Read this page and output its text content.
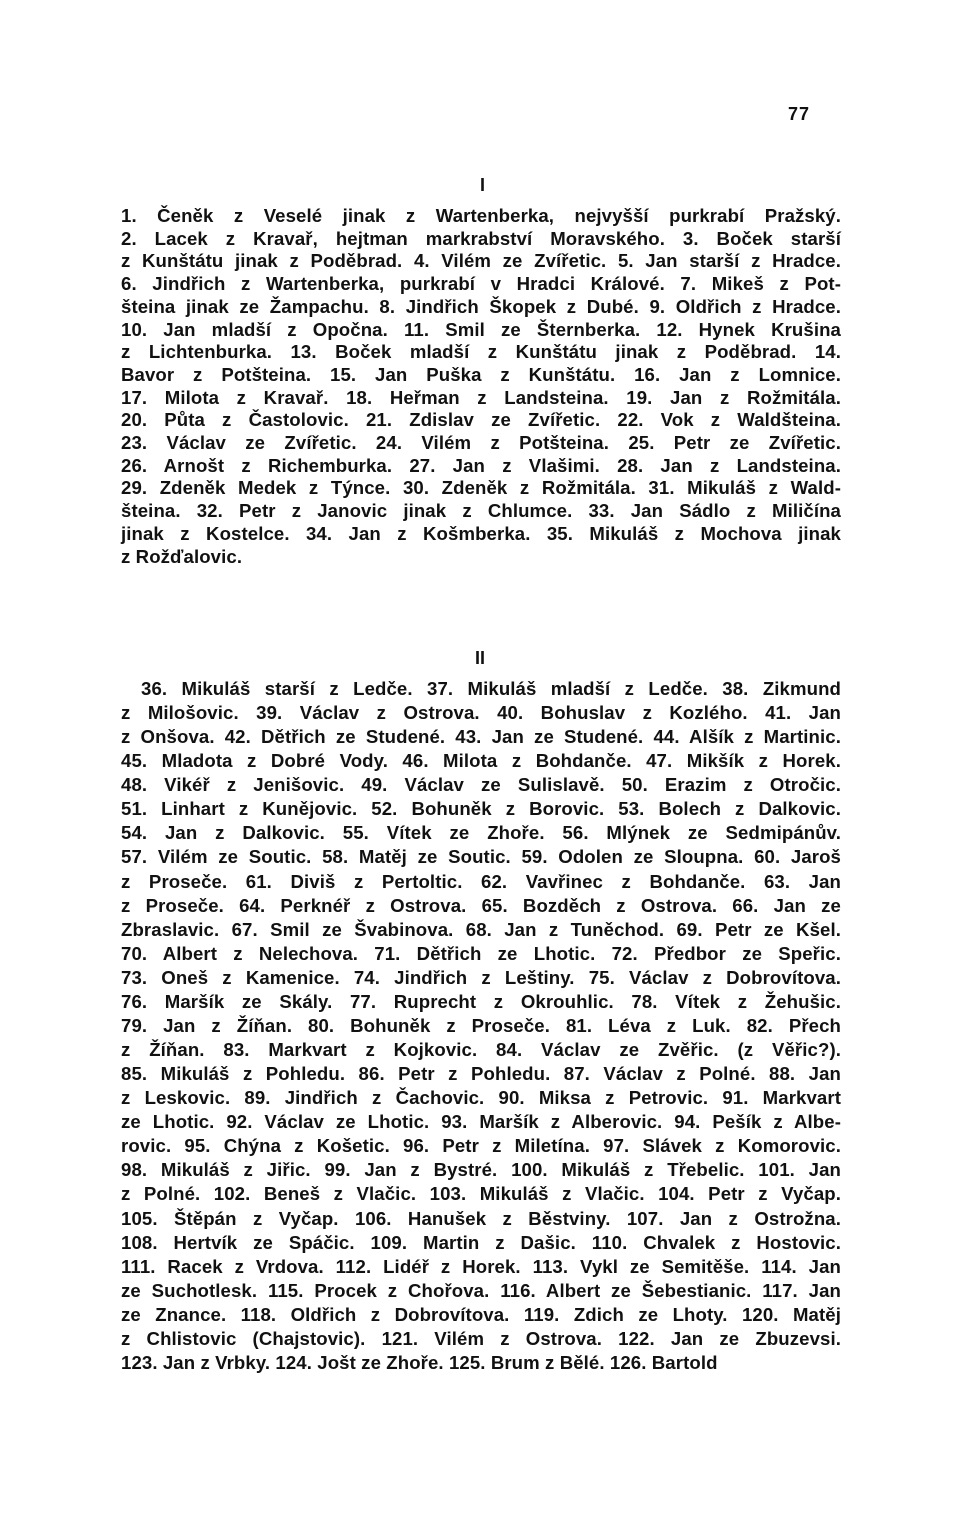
77
I
1. Čeněk z Veselé jinak z Wartenberka, nejvyšší purkrabí Pražský.
2. Lacek z Kravař, hejtman markrabství Moravského. 3. Boček starší
z Kunštátu jinak z Poděbrad. 4. Vilém ze Zvířetic. 5. Jan starší z Hradce.
6. Jindřich z Wartenberka, purkrabí v Hradci Králové. 7. Mikeš z Pot-
šteina jinak ze Žampachu. 8. Jindřich Škopek z Dubé. 9. Oldřich z Hradce.
10. Jan mladší z Opočna. 11. Smil ze Šternberka. 12. Hynek Krušina
z Lichtenburka. 13. Boček mladší z Kunštátu jinak z Poděbrad. 14.
Bavor z Potšteina. 15. Jan Puška z Kunštátu. 16. Jan z Lomnice.
17. Milota z Kravař. 18. Heřman z Landsteina. 19. Jan z Rožmitála.
20. Půta z Častolovic. 21. Zdislav ze Zvířetic. 22. Vok z Waldšteina.
23. Václav ze Zvířetic. 24. Vilém z Potšteina. 25. Petr ze Zvířetic.
26. Arnošt z Richemburka. 27. Jan z Vlašimi. 28. Jan z Landsteina.
29. Zdeněk Medek z Týnce. 30. Zdeněk z Rožmitála. 31. Mikuláš z Wald-
šteina. 32. Petr z Janovic jinak z Chlumce. 33. Jan Sádlo z Miličína
jinak z Kostelce. 34. Jan z Košmberka. 35. Mikuláš z Mochova jinak
z Rožďalovic.
II
36. Mikuláš starší z Ledče. 37. Mikuláš mladší z Ledče. 38. Zikmund
z Milošovic. 39. Václav z Ostrova. 40. Bohuslav z Kozlého. 41. Jan
z Onšova. 42. Dětřich ze Studené. 43. Jan ze Studené. 44. Alšík z Martinic.
45. Mladota z Dobré Vody. 46. Milota z Bohdanče. 47. Mikšík z Horek.
48. Vikéř z Jenišovic. 49. Václav ze Sulislavě. 50. Erazim z Otročic.
51. Linhart z Kunějovic. 52. Bohuněk z Borovic. 53. Bolech z Dalkovic.
54. Jan z Dalkovic. 55. Vítek ze Zhoře. 56. Mlýnek ze Sedmipánův.
57. Vilém ze Soutic. 58. Matěj ze Soutic. 59. Odolen ze Sloupna. 60. Jaroš
z Proseče. 61. Diviš z Pertoltic. 62. Vavřinec z Bohdanče. 63. Jan
z Proseče. 64. Perknéř z Ostrova. 65. Bozděch z Ostrova. 66. Jan ze
Zbraslavic. 67. Smil ze Švabinova. 68. Jan z Tuněchod. 69. Petr ze Kšel.
70. Albert z Nelechova. 71. Dětřich ze Lhotic. 72. Předbor ze Speřic.
73. Oneš z Kamenice. 74. Jindřich z Leštiny. 75. Václav z Dobrovítova.
76. Maršík ze Skály. 77. Ruprecht z Okrouhlic. 78. Vítek z Žehušic.
79. Jan z Žíňan. 80. Bohuněk z Proseče. 81. Léva z Luk. 82. Přech
z Žíňan. 83. Markvart z Kojkovic. 84. Václav ze Zvěřic. (z Věřic?).
85. Mikuláš z Pohledu. 86. Petr z Pohledu. 87. Václav z Polné. 88. Jan
z Leskovic. 89. Jindřich z Čachovic. 90. Miksa z Petrovic. 91. Markvart
ze Lhotic. 92. Václav ze Lhotic. 93. Maršík z Alberovic. 94. Pešík z Albe-
rovic. 95. Chýna z Košetic. 96. Petr z Miletína. 97. Slávek z Komorovic.
98. Mikuláš z Jiřic. 99. Jan z Bystré. 100. Mikuláš z Třebelic. 101. Jan
z Polné. 102. Beneš z Vlačic. 103. Mikuláš z Vlačic. 104. Petr z Vyčap.
105. Štěpán z Vyčap. 106. Hanušek z Běstviny. 107. Jan z Ostrožna.
108. Hertvík ze Spáčic. 109. Martin z Dašic. 110. Chvalek z Hostovic.
111. Racek z Vrdova. 112. Lidéř z Horek. 113. Vykl ze Semitěše. 114. Jan
ze Suchotlesk. 115. Procek z Chořova. 116. Albert ze Šebestianic. 117. Jan
ze Znance. 118. Oldřich z Dobrovítova. 119. Zdich ze Lhoty. 120. Matěj
z Chlistovic (Chajstovic). 121. Vilém z Ostrova. 122. Jan ze Zbuzevsi.
123. Jan z Vrbky. 124. Jošt ze Zhoře. 125. Brum z Bělé. 126. Bartold
